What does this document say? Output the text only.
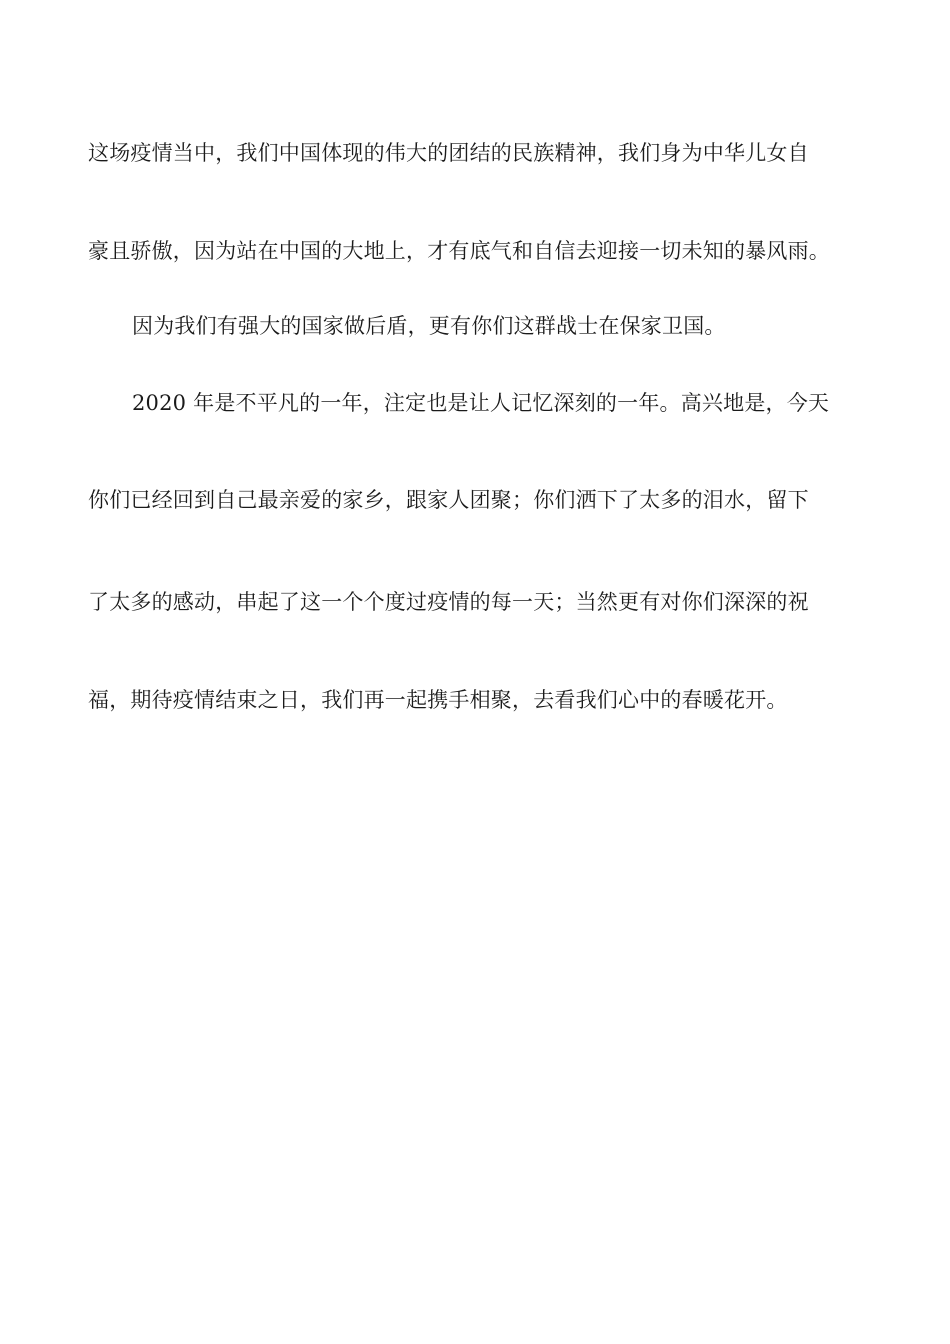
这场疫情当中，我们中国体现的伟大的团结的民族精神，我们身为中华儿女自

豪且骄傲，因为站在中国的大地上，才有底气和自信去迎接一切未知的暴风雨。

因为我们有强大的国家做后盾，更有你们这群战士在保家卫国。

2020 年是不平凡的一年，注定也是让人记忆深刻的一年。高兴地是，今天

你们已经回到自己最亲爱的家乡，跟家人团聚；你们洒下了太多的泪水，留下

了太多的感动，串起了这一个个度过疫情的每一天；当然更有对你们深深的祝

福，期待疫情结束之日，我们再一起携手相聚，去看我们心中的春暖花开。
